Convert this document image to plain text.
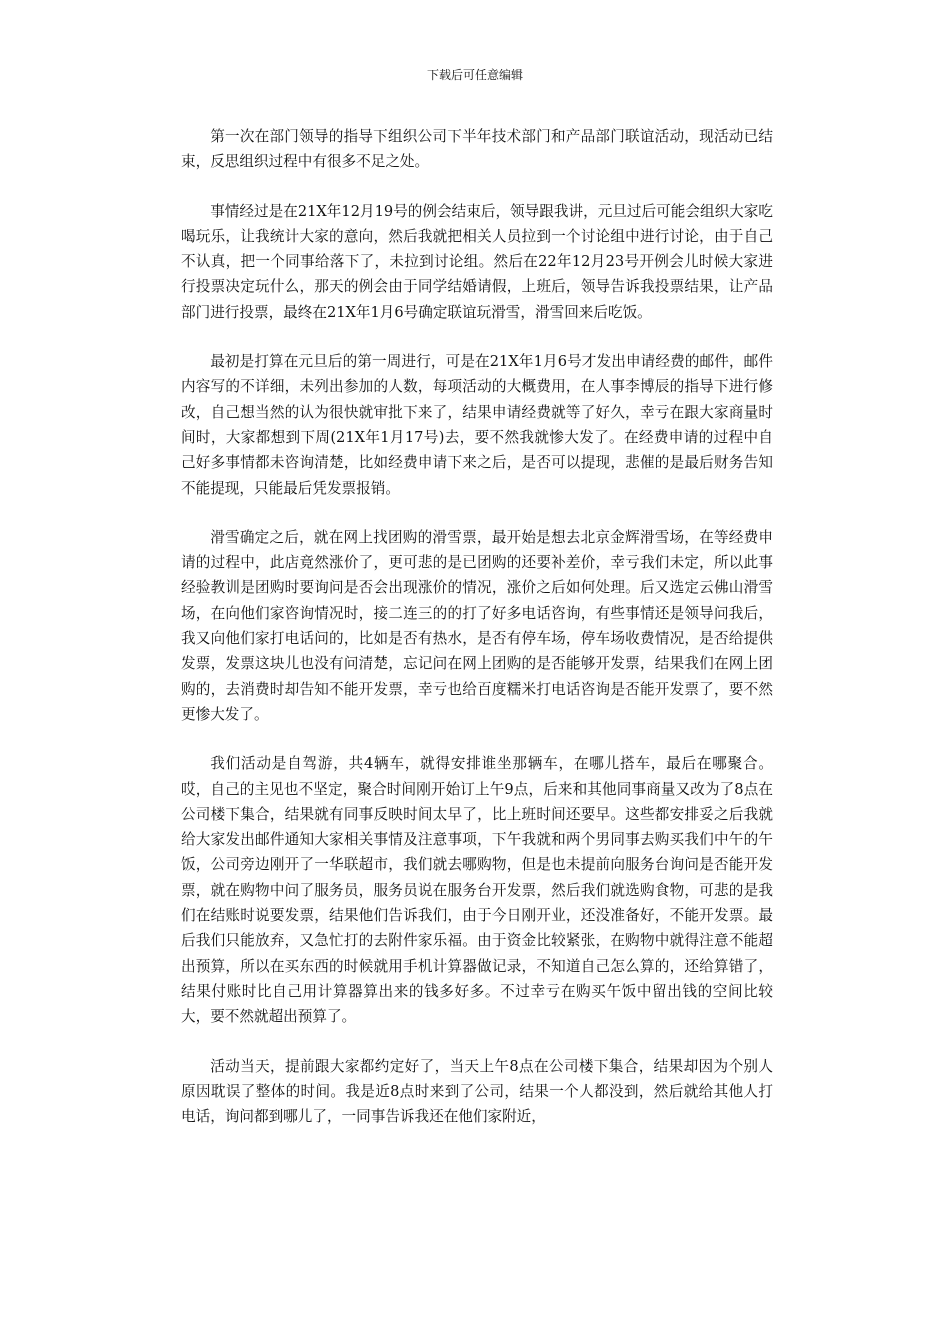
下载后可任意编辑

第一次在部门领导的指导下组织公司下半年技术部门和产品部门联谊活动，现活动已结束，反思组织过程中有很多不足之处。

事情经过是在21X年12月19号的例会结束后，领导跟我讲，元旦过后可能会组织大家吃喝玩乐，让我统计大家的意向，然后我就把相关人员拉到一个讨论组中进行讨论，由于自己不认真，把一个同事给落下了，未拉到讨论组。然后在22年12月23号开例会儿时候大家进行投票决定玩什么，那天的例会由于同学结婚请假，上班后，领导告诉我投票结果，让产品部门进行投票，最终在21X年1月6号确定联谊玩滑雪，滑雪回来后吃饭。

最初是打算在元旦后的第一周进行，可是在21X年1月6号才发出申请经费的邮件，邮件内容写的不详细，未列出参加的人数，每项活动的大概费用，在人事李博辰的指导下进行修改，自己想当然的认为很快就审批下来了，结果申请经费就等了好久，幸亏在跟大家商量时间时，大家都想到下周(21X年1月17号)去，要不然我就惨大发了。在经费申请的过程中自己好多事情都未咨询清楚，比如经费申请下来之后，是否可以提现，悲催的是最后财务告知不能提现，只能最后凭发票报销。

滑雪确定之后，就在网上找团购的滑雪票，最开始是想去北京金辉滑雪场，在等经费申请的过程中，此店竟然涨价了，更可悲的是已团购的还要补差价，幸亏我们未定，所以此事经验教训是团购时要询问是否会出现涨价的情况，涨价之后如何处理。后又选定云佛山滑雪场，在向他们家咨询情况时，接二连三的的打了好多电话咨询，有些事情还是领导问我后，我又向他们家打电话问的，比如是否有热水，是否有停车场，停车场收费情况，是否给提供发票，发票这块儿也没有问清楚，忘记问在网上团购的是否能够开发票，结果我们在网上团购的，去消费时却告知不能开发票，幸亏也给百度糯米打电话咨询是否能开发票了，要不然更惨大发了。

我们活动是自驾游，共4辆车，就得安排谁坐那辆车，在哪儿搭车，最后在哪聚合。哎，自己的主见也不坚定，聚合时间刚开始订上午9点，后来和其他同事商量又改为了8点在公司楼下集合，结果就有同事反映时间太早了，比上班时间还要早。这些都安排妥之后我就给大家发出邮件通知大家相关事情及注意事项，下午我就和两个男同事去购买我们中午的午饭，公司旁边刚开了一华联超市，我们就去哪购物，但是也未提前向服务台询问是否能开发票，就在购物中问了服务员，服务员说在服务台开发票，然后我们就选购食物，可悲的是我们在结账时说要发票，结果他们告诉我们，由于今日刚开业，还没准备好，不能开发票。最后我们只能放弃，又急忙打的去附件家乐福。由于资金比较紧张，在购物中就得注意不能超出预算，所以在买东西的时候就用手机计算器做记录，不知道自己怎么算的，还给算错了，结果付账时比自己用计算器算出来的钱多好多。不过幸亏在购买午饭中留出钱的空间比较大，要不然就超出预算了。

活动当天，提前跟大家都约定好了，当天上午8点在公司楼下集合，结果却因为个别人原因耽误了整体的时间。我是近8点时来到了公司，结果一个人都没到，然后就给其他人打电话，询问都到哪儿了，一同事告诉我还在他们家附近，
